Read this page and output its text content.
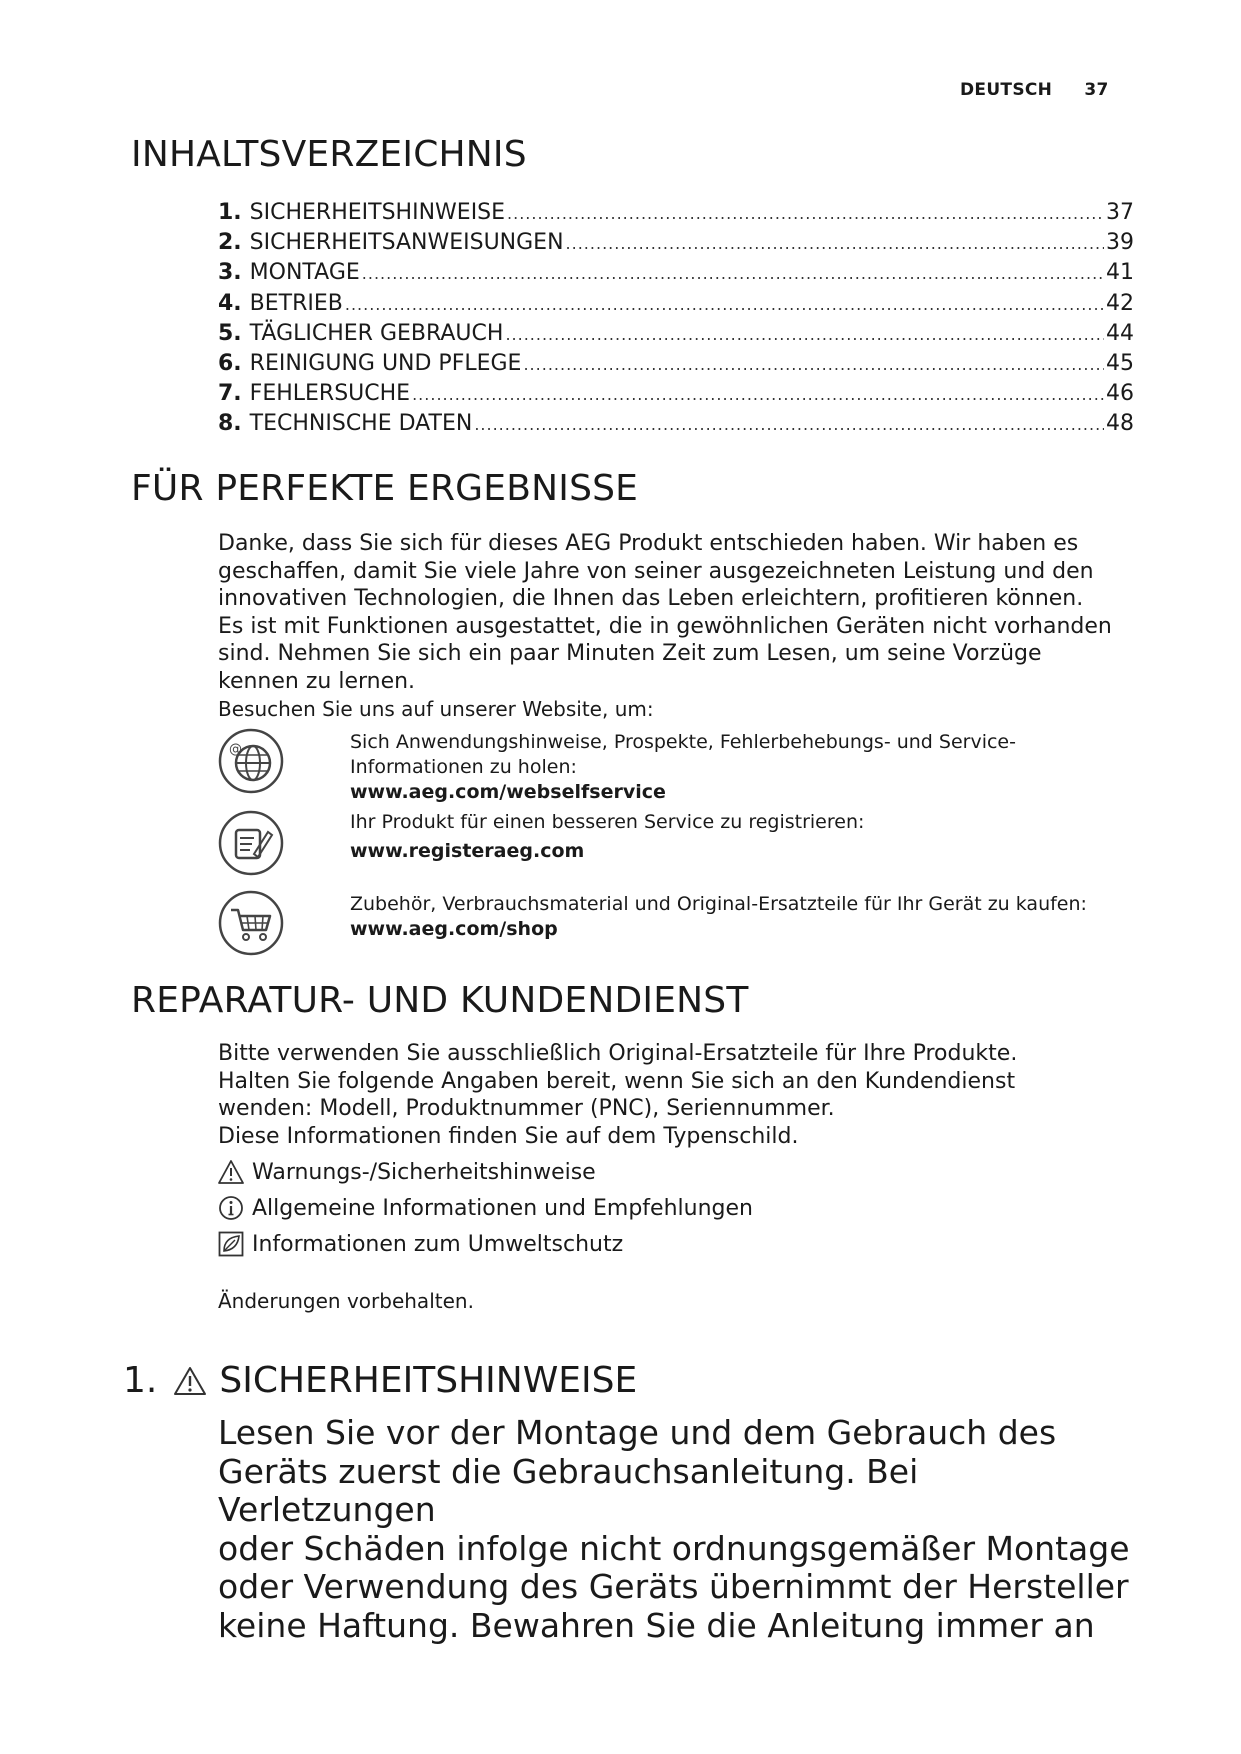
DEUTSCH 37
INHALTSVERZEICHNIS
1. SICHERHEITSHINWEISE .....	37
2. SICHERHEITSANWEISUNGEN .....	39
3. MONTAGE .....	41
4. BETRIEB .....	42
5. TÄGLICHER GEBRAUCH .....	44
6. REINIGUNG UND PFLEGE .....	45
7. FEHLERSUCHE .....	46
8. TECHNISCHE DATEN .....	48
FÜR PERFEKTE ERGEBNISSE
Danke, dass Sie sich für dieses AEG Produkt entschieden haben. Wir haben es
geschaffen, damit Sie viele Jahre von seiner ausgezeichneten Leistung und den
innovativen Technologien, die Ihnen das Leben erleichtern, profitieren können.
Es ist mit Funktionen ausgestattet, die in gewöhnlichen Geräten nicht vorhanden
sind. Nehmen Sie sich ein paar Minuten Zeit zum Lesen, um seine Vorzüge
kennen zu lernen.
Besuchen Sie uns auf unserer Website, um:
@	Sich Anwendungshinweise, Prospekte, Fehlerbehebungs- und Service-
Informationen zu holen:
www.aeg.com/webselfservice
Ihr Produkt für einen besseren Service zu registrieren:
www.registeraeg.com
Zubehör, Verbrauchsmaterial und Original-Ersatzteile für Ihr Gerät zu kaufen:
www.aeg.com/shop
REPARATUR- UND KUNDENDIENST
Bitte verwenden Sie ausschließlich Original-Ersatzteile für Ihre Produkte.
Halten Sie folgende Angaben bereit, wenn Sie sich an den Kundendienst
wenden: Modell, Produktnummer (PNC), Seriennummer.
Diese Informationen finden Sie auf dem Typenschild.
Warnungs-/Sicherheitshinweise
Allgemeine Informationen und Empfehlungen
Informationen zum Umweltschutz
Änderungen vorbehalten.
1. SICHERHEITSHINWEISE
Lesen Sie vor der Montage und dem Gebrauch des
Geräts zuerst die Gebrauchsanleitung. Bei Verletzungen
oder Schäden infolge nicht ordnungsgemäßer Montage
oder Verwendung des Geräts übernimmt der Hersteller
keine Haftung. Bewahren Sie die Anleitung immer an
